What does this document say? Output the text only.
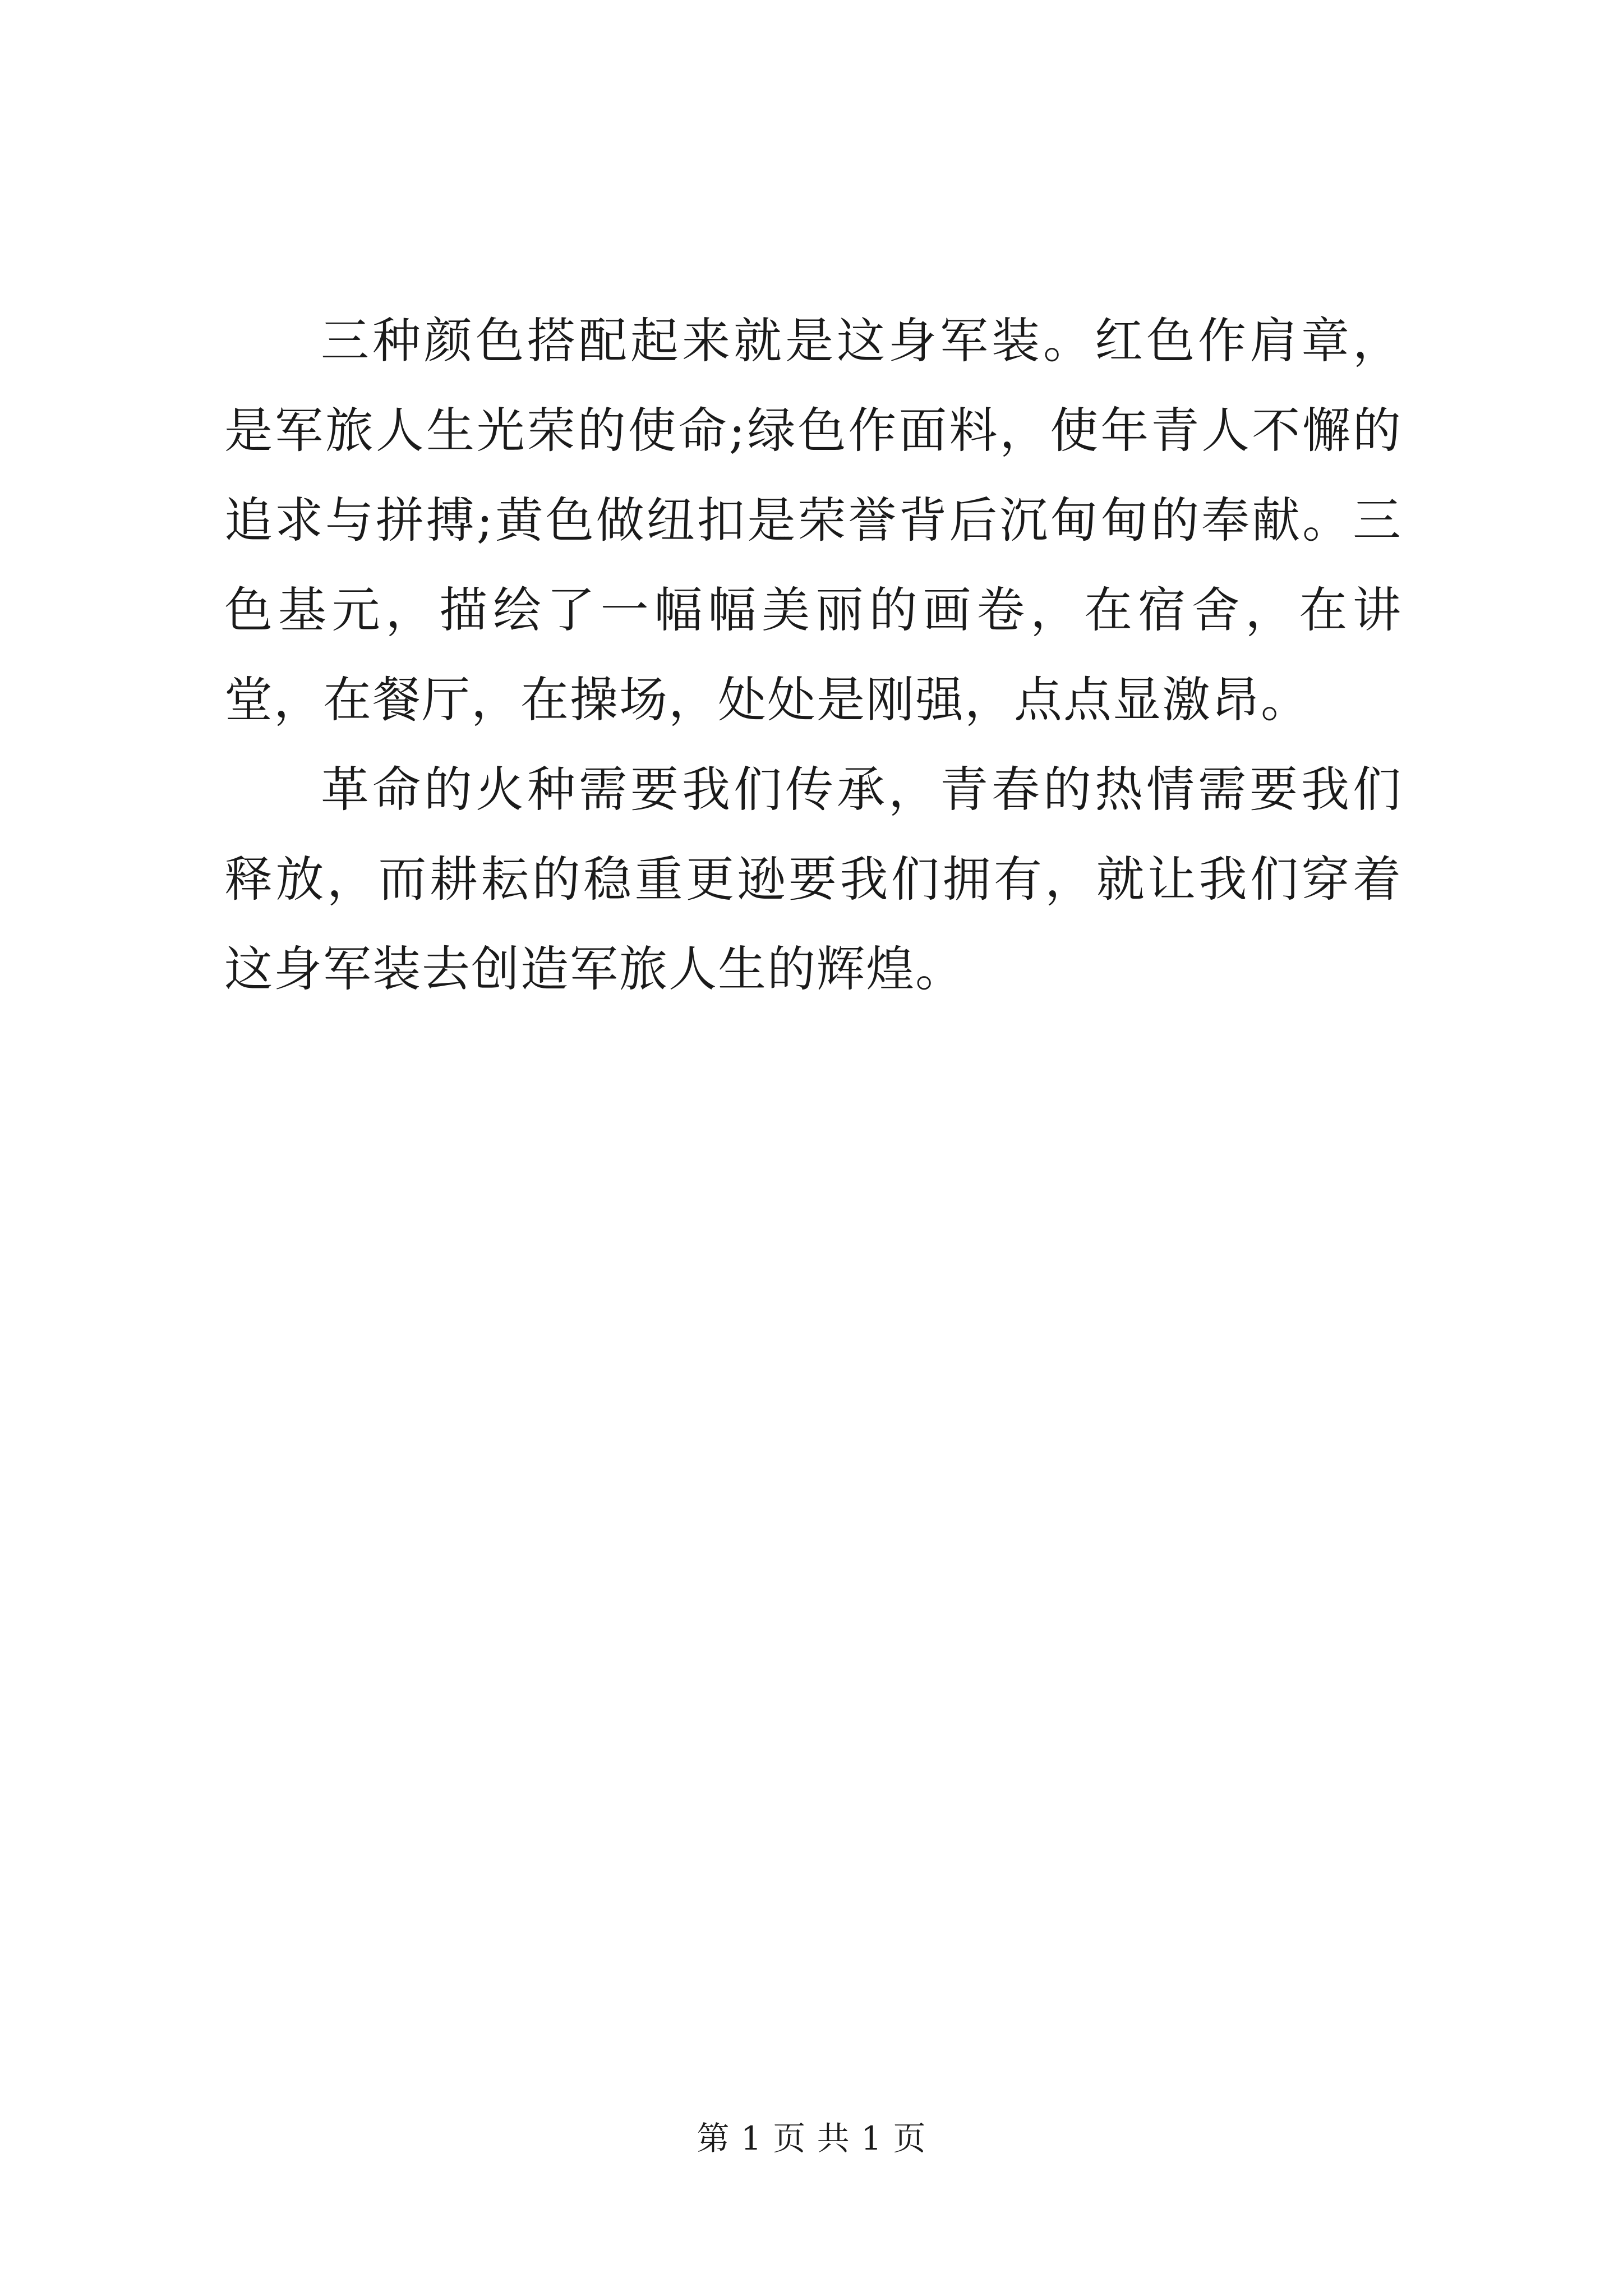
三种颜色搭配起来就是这身军装。红色作肩章，是军旅人生光荣的使命;绿色作面料，使年青人不懈的追求与拼搏;黄色做纽扣是荣誉背后沉甸甸的奉献。三色基元，描绘了一幅幅美丽的画卷，在宿舍，在讲堂，在餐厅，在操场，处处是刚强，点点显激昂。

革命的火种需要我们传承，青春的热情需要我们释放，而耕耘的稳重更逊要我们拥有，就让我们穿着这身军装去创造军旅人生的辉煌。

第 1 页 共 1 页
